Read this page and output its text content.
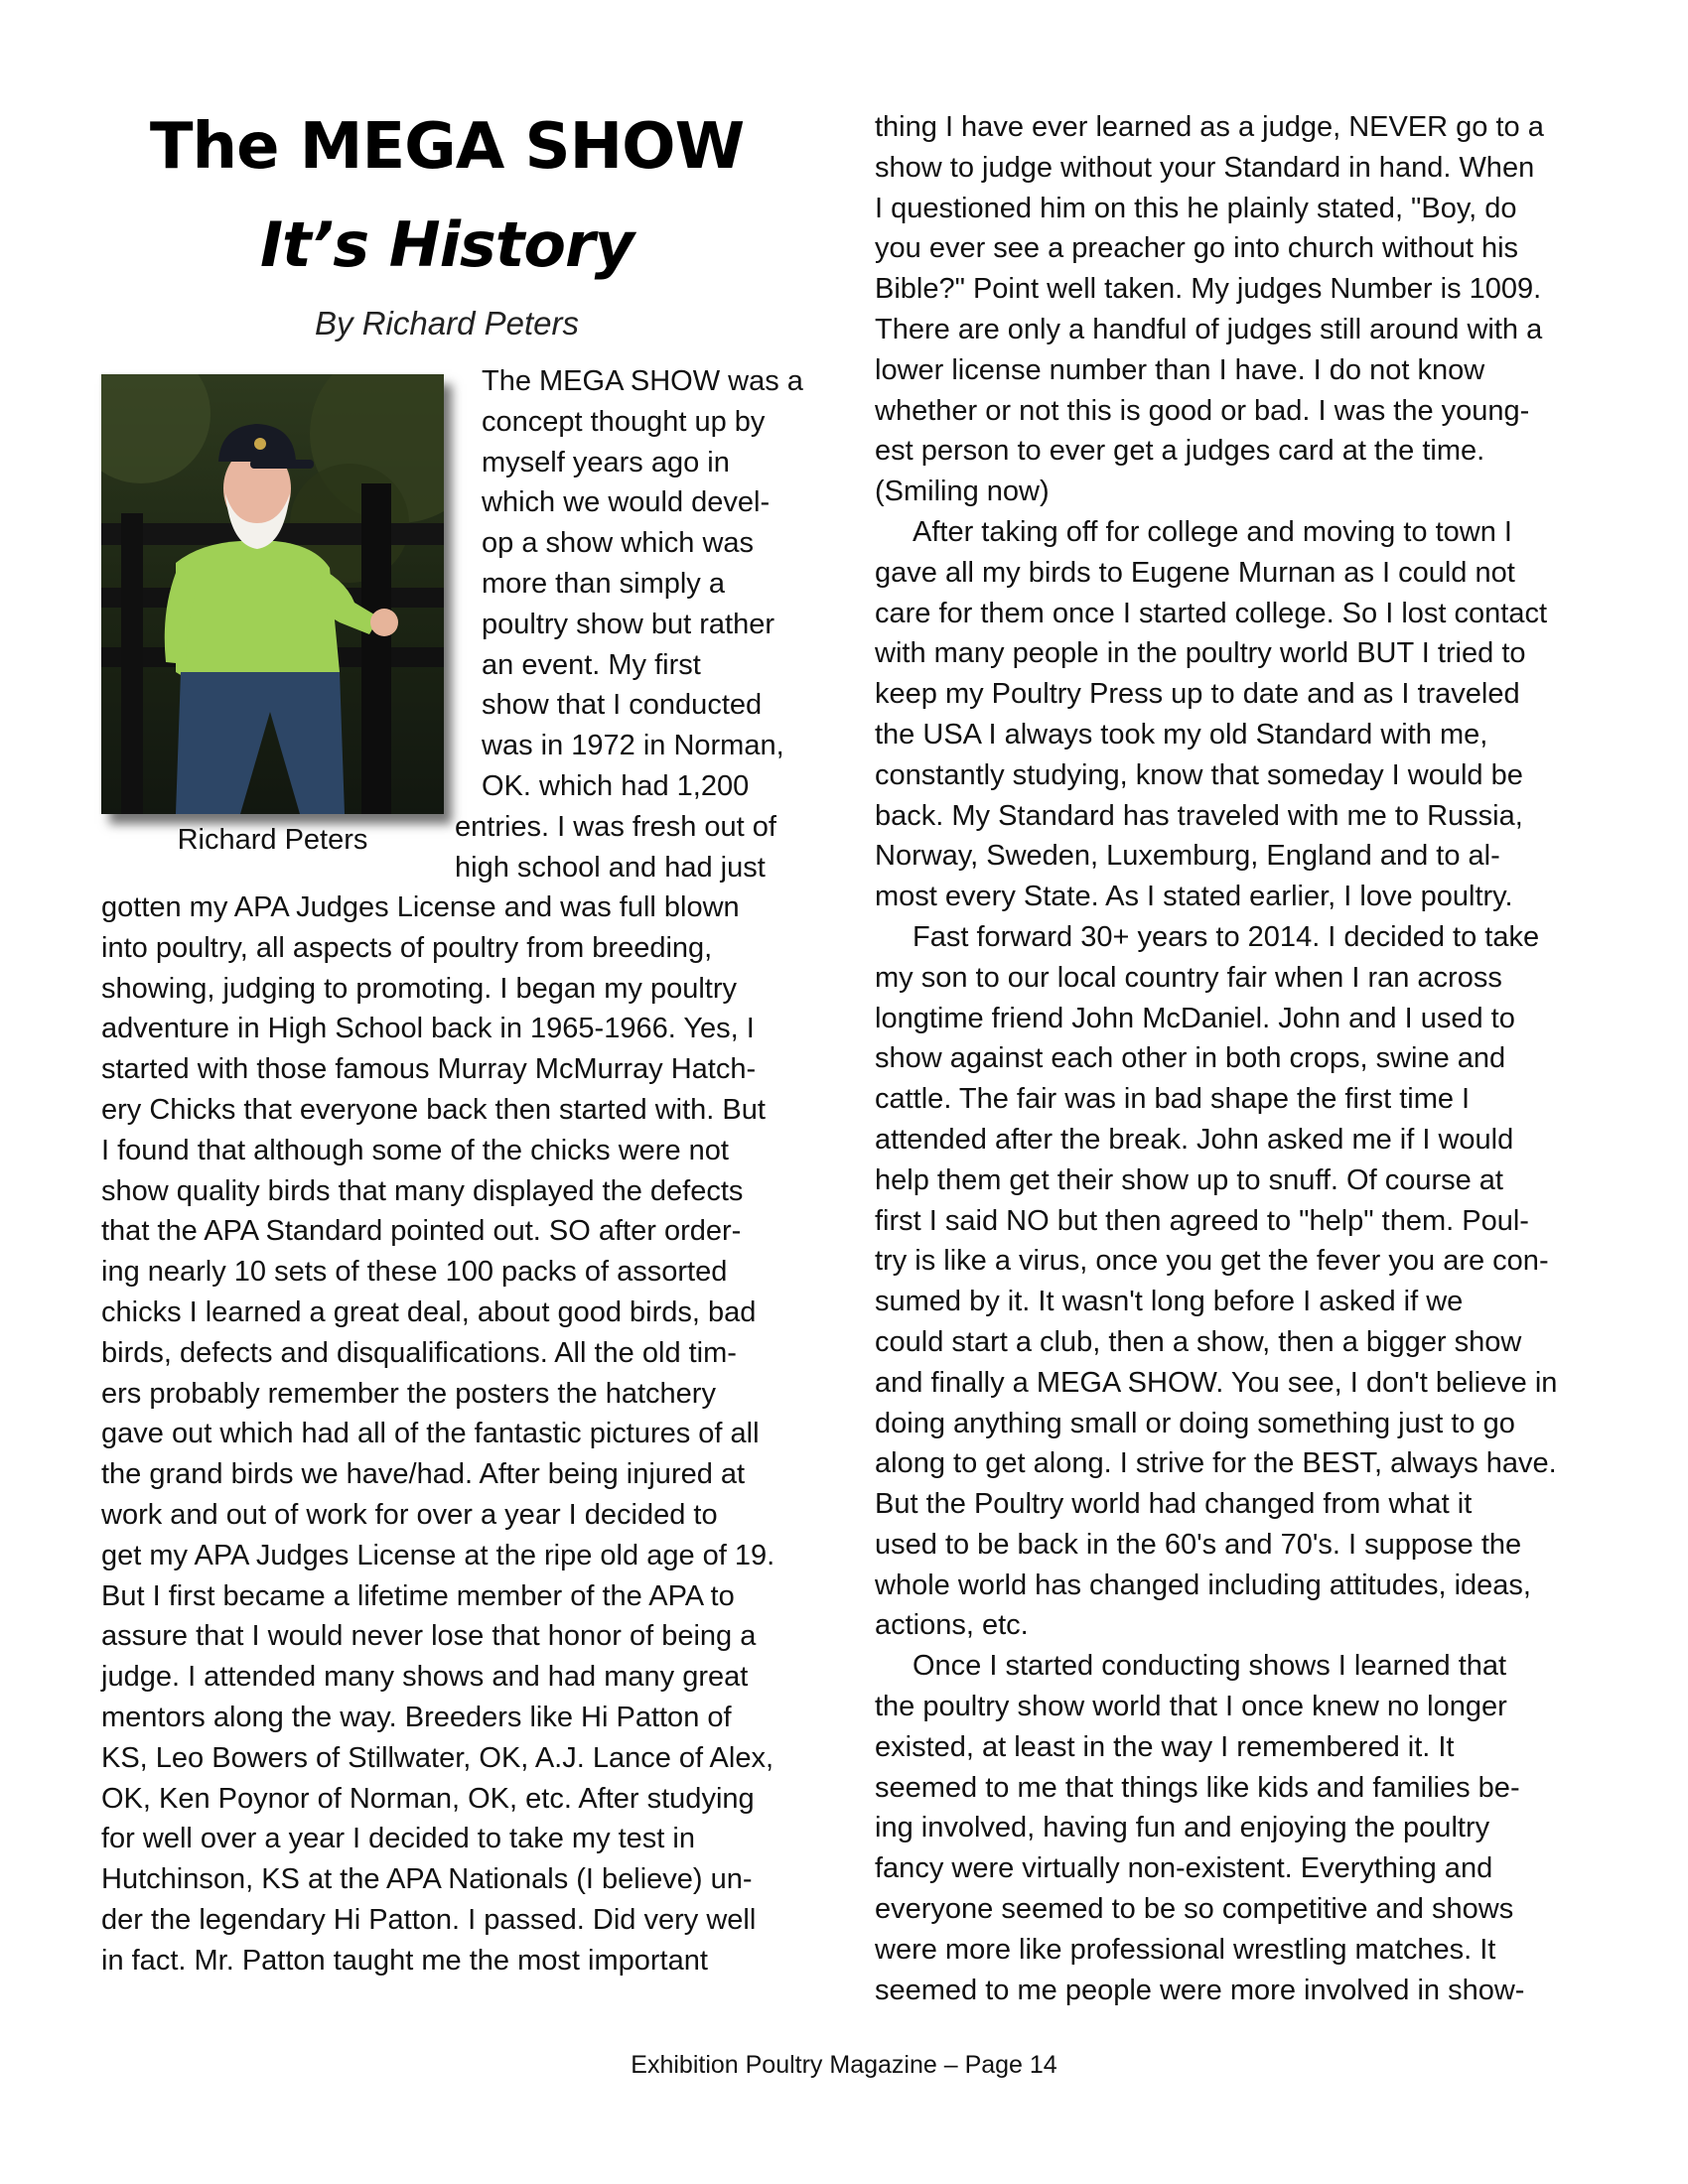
The MEGA SHOW
It’s History

By Richard Peters

Richard Peters

The MEGA SHOW was a

concept thought up by

myself years ago in

which we would devel-

op a show which was

more than simply a

poultry show but rather

an event. My first

show that I conducted

was in 1972 in Norman,

OK. which had 1,200

entries. I was fresh out of

high school and had just

gotten my APA Judges License and was full blown

into poultry, all aspects of poultry from breeding,

showing, judging to promoting. I began my poultry

adventure in High School back in 1965-1966. Yes, I

started with those famous Murray McMurray Hatch-

ery Chicks that everyone back then started with. But

I found that although some of the chicks were not

show quality birds that many displayed the defects

that the APA Standard pointed out. SO after order-

ing nearly 10 sets of these 100 packs of assorted

chicks I learned a great deal, about good birds, bad

birds, defects and disqualifications. All the old tim-

ers probably remember the posters the hatchery

gave out which had all of the fantastic pictures of all

the grand birds we have/had. After being injured at

work and out of work for over a year I decided to

get my APA Judges License at the ripe old age of 19.

But I first became a lifetime member of the APA to

assure that I would never lose that honor of being a

judge. I attended many shows and had many great

mentors along the way. Breeders like Hi Patton of

KS, Leo Bowers of Stillwater, OK, A.J. Lance of Alex,

OK, Ken Poynor of Norman, OK, etc. After studying

for well over a year I decided to take my test in

Hutchinson, KS at the APA Nationals (I believe) un-

der the legendary Hi Patton. I passed. Did very well

in fact. Mr. Patton taught me the most important

thing I have ever learned as a judge, NEVER go to a

show to judge without your Standard in hand. When

I questioned him on this he plainly stated, "Boy, do

you ever see a preacher go into church without his

Bible?" Point well taken. My judges Number is 1009.

There are only a handful of judges still around with a

lower license number than I have. I do not know

whether or not this is good or bad. I was the young-

est person to ever get a judges card at the time.

(Smiling now)

After taking off for college and moving to town I

gave all my birds to Eugene Murnan as I could not

care for them once I started college. So I lost contact

with many people in the poultry world BUT I tried to

keep my Poultry Press up to date and as I traveled

the USA I always took my old Standard with me,

constantly studying, know that someday I would be

back. My Standard has traveled with me to Russia,

Norway, Sweden, Luxemburg, England and to al-

most every State. As I stated earlier, I love poultry.

Fast forward 30+ years to 2014. I decided to take

my son to our local country fair when I ran across

longtime friend John McDaniel. John and I used to

show against each other in both crops, swine and

cattle. The fair was in bad shape the first time I

attended after the break. John asked me if I would

help them get their show up to snuff. Of course at

first I said NO but then agreed to "help" them. Poul-

try is like a virus, once you get the fever you are con-

sumed by it. It wasn't long before I asked if we

could start a club, then a show, then a bigger show

and finally a MEGA SHOW. You see, I don't believe in

doing anything small or doing something just to go

along to get along. I strive for the BEST, always have.

But the Poultry world had changed from what it

used to be back in the 60's and 70's. I suppose the

whole world has changed including attitudes, ideas,

actions, etc.

Once I started conducting shows I learned that

the poultry show world that I once knew no longer

existed, at least in the way I remembered it. It

seemed to me that things like kids and families be-

ing involved, having fun and enjoying the poultry

fancy were virtually non-existent. Everything and

everyone seemed to be so competitive and shows

were more like professional wrestling matches. It

seemed to me people were more involved in show-

Exhibition Poultry Magazine – Page 14
